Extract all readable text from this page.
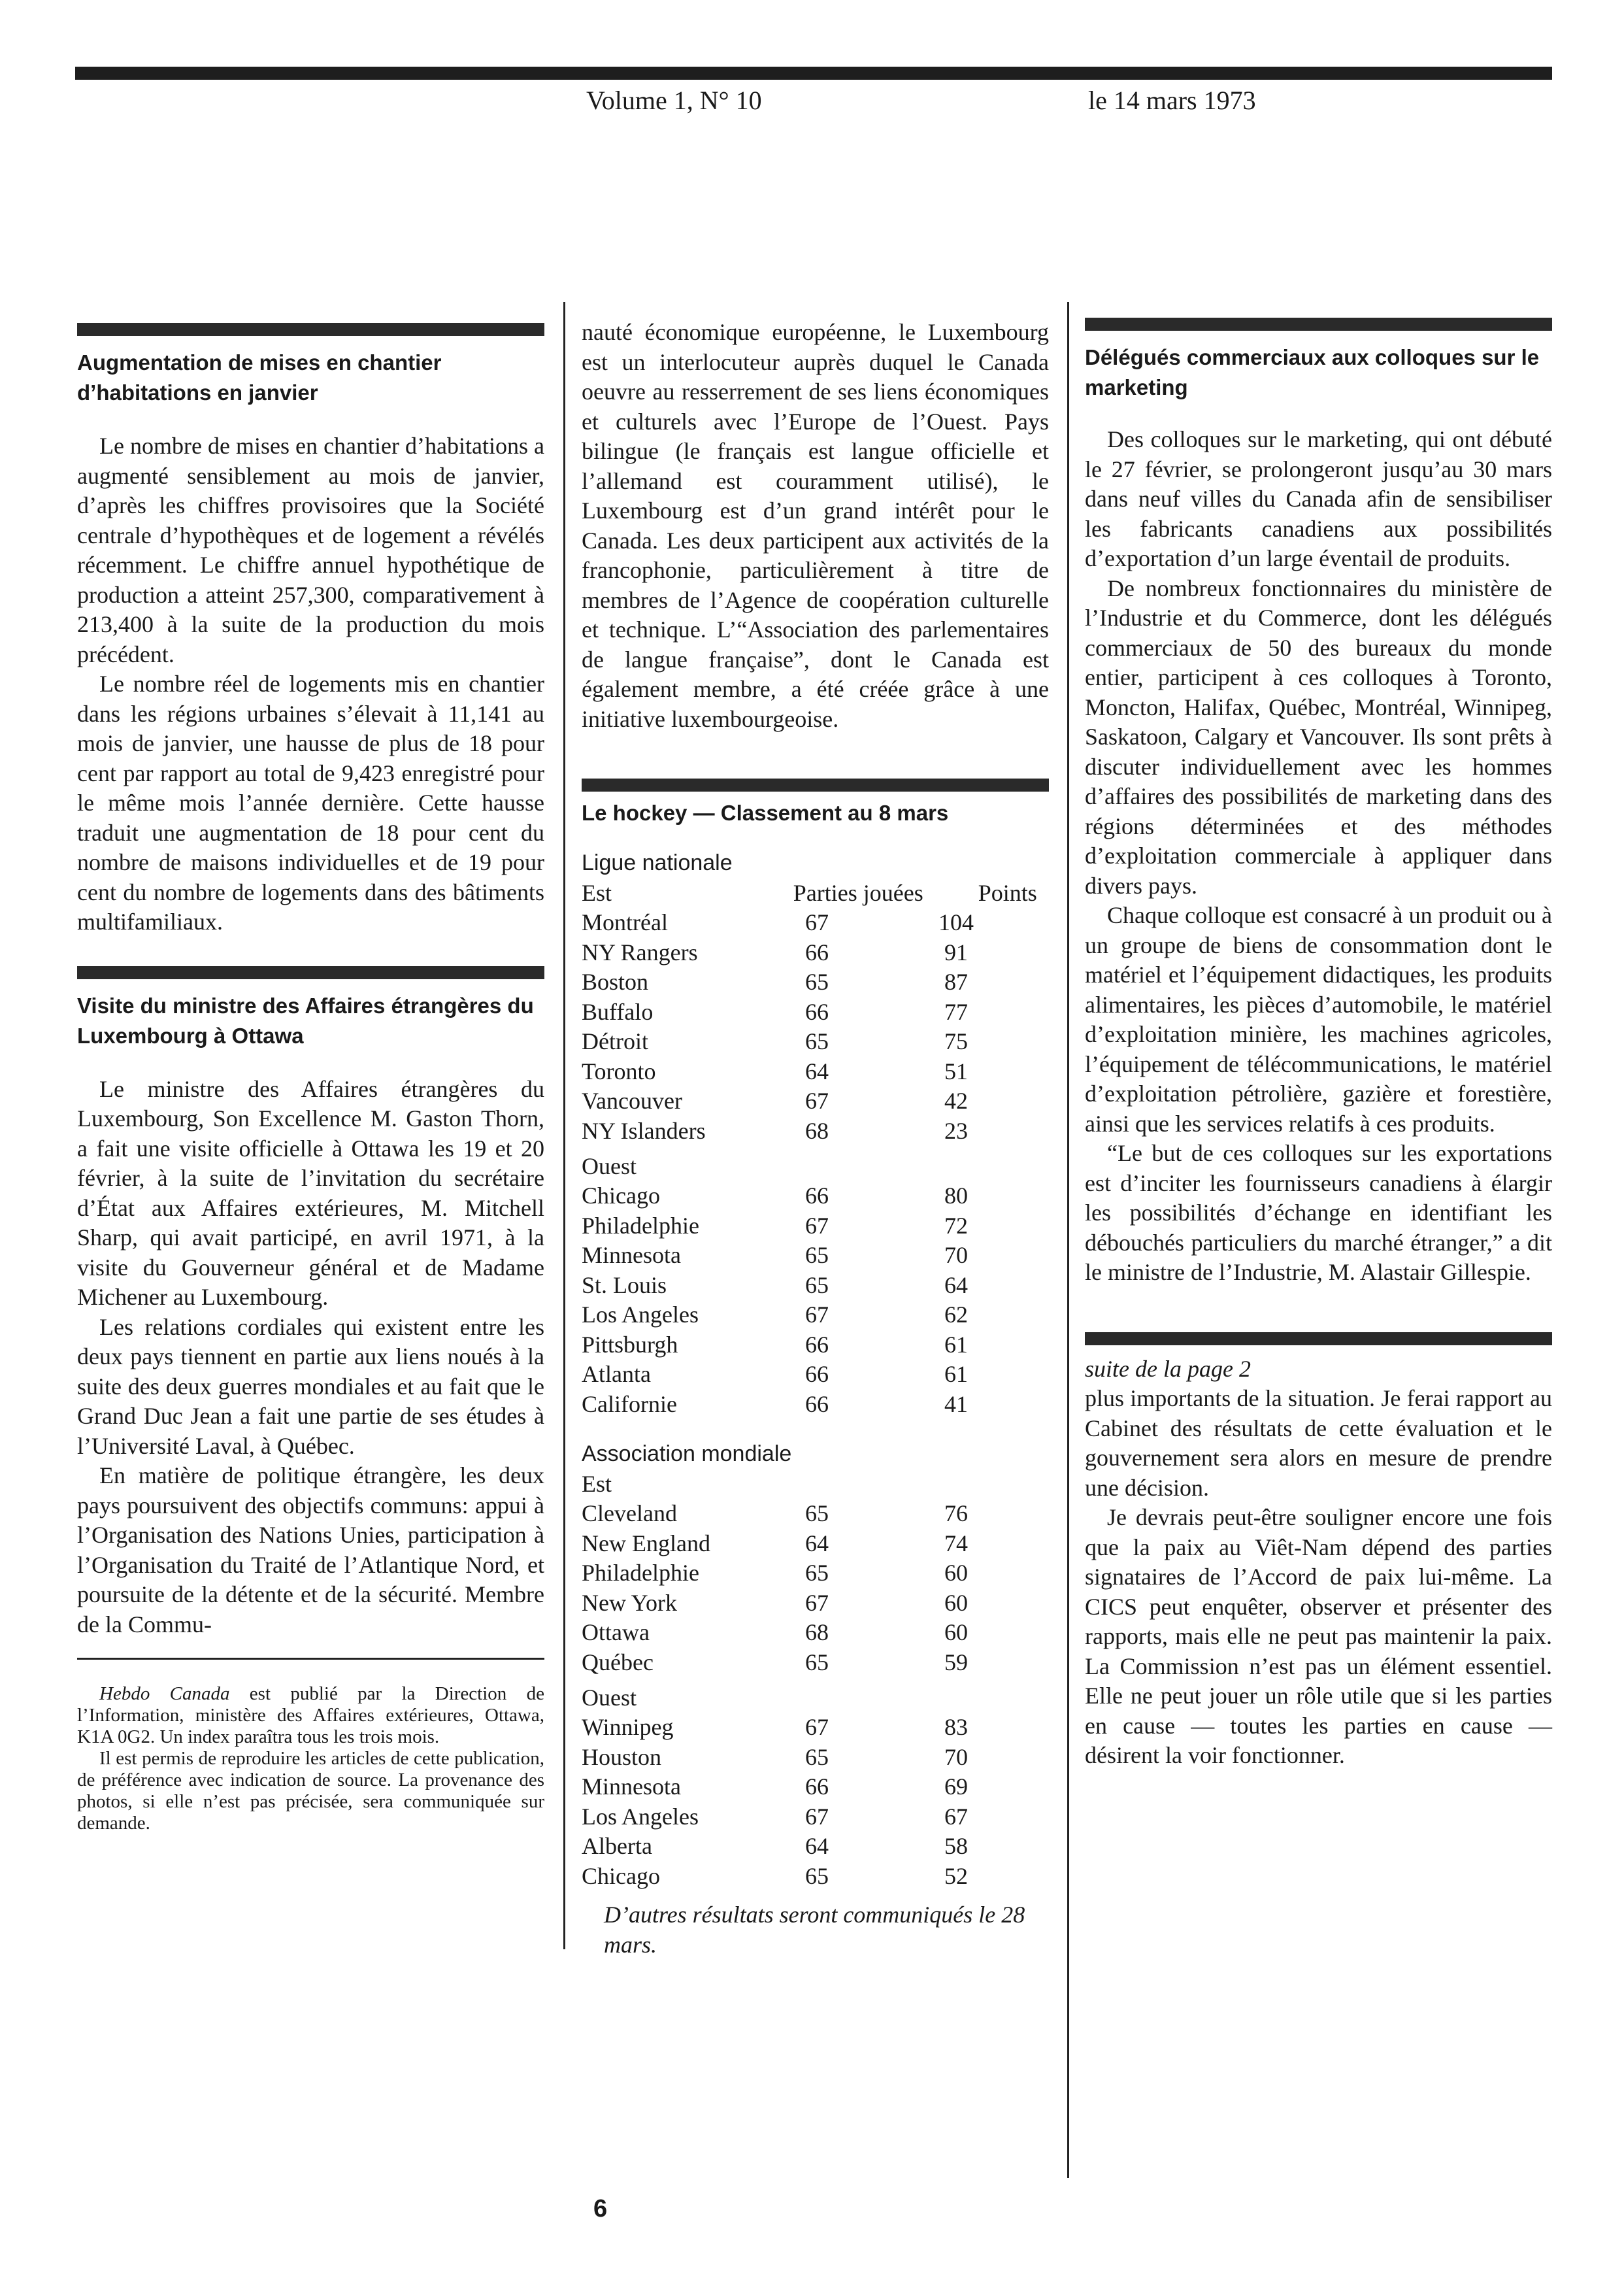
Volume 1, N° 10	le 14 mars 1973
Augmentation de mises en chantier d’habitations en janvier

Le nombre de mises en chantier d’habitations a augmenté sensiblement au mois de janvier, d’après les chiffres provisoires que la Société centrale d’hypothèques et de logement a révélés récemment. Le chiffre annuel hypothétique de production a atteint 257,300, comparativement à 213,400 à la suite de la production du mois précédent.

Le nombre réel de logements mis en chantier dans les régions urbaines s’élevait à 11,141 au mois de janvier, une hausse de plus de 18 pour cent par rapport au total de 9,423 enregistré pour le même mois l’année dernière. Cette hausse traduit une augmentation de 18 pour cent du nombre de maisons individuelles et de 19 pour cent du nombre de logements dans des bâtiments multifamiliaux.

Visite du ministre des Affaires étrangères du Luxembourg à Ottawa

Le ministre des Affaires étrangères du Luxembourg, Son Excellence M. Gaston Thorn, a fait une visite officielle à Ottawa les 19 et 20 février, à la suite de l’invitation du secrétaire d’État aux Affaires extérieures, M. Mitchell Sharp, qui avait participé, en avril 1971, à la visite du Gouverneur général et de Madame Michener au Luxembourg.

Les relations cordiales qui existent entre les deux pays tiennent en partie aux liens noués à la suite des deux guerres mondiales et au fait que le Grand Duc Jean a fait une partie de ses études à l’Université Laval, à Québec.

En matière de politique étrangère, les deux pays poursuivent des objectifs communs: appui à l’Organisation des Nations Unies, participation à l’Organisation du Traité de l’Atlantique Nord, et poursuite de la détente et de la sécurité. Membre de la Commu-

Hebdo Canada est publié par la Direction de l’Information, ministère des Affaires extérieures, Ottawa, K1A 0G2. Un index paraîtra tous les trois mois.

Il est permis de reproduire les articles de cette publication, de préférence avec indication de source. La provenance des photos, si elle n’est pas précisée, sera communiquée sur demande.

nauté économique européenne, le Luxembourg est un interlocuteur auprès duquel le Canada oeuvre au resserrement de ses liens économiques et culturels avec l’Europe de l’Ouest. Pays bilingue (le français est langue officielle et l’allemand est couramment utilisé), le Luxembourg est d’un grand intérêt pour le Canada. Les deux participent aux activités de la francophonie, particulièrement à titre de membres de l’Agence de coopération culturelle et technique. L’“Association des parlementaires de langue française”, dont le Canada est également membre, a été créée grâce à une initiative luxembourgeoise.

Le hockey — Classement au 8 mars
Ligue nationale
Est	Parties jouées	Points
Montréal	67	104
NY Rangers	66	91
Boston	65	87
Buffalo	66	77
Détroit	65	75
Toronto	64	51
Vancouver	67	42
NY Islanders	68	23
Ouest
Chicago	66	80
Philadelphie	67	72
Minnesota	65	70
St. Louis	65	64
Los Angeles	67	62
Pittsburgh	66	61
Atlanta	66	61
Californie	66	41
Association mondiale
Est
Cleveland	65	76
New England	64	74
Philadelphie	65	60
New York	67	60
Ottawa	68	60
Québec	65	59
Ouest
Winnipeg	67	83
Houston	65	70
Minnesota	66	69
Los Angeles	67	67
Alberta	64	58
Chicago	65	52
D’autres résultats seront communiqués le 28 mars.
Délégués commerciaux aux colloques sur le marketing

Des colloques sur le marketing, qui ont débuté le 27 février, se prolongeront jusqu’au 30 mars dans neuf villes du Canada afin de sensibiliser les fabricants canadiens aux possibilités d’exportation d’un large éventail de produits.

De nombreux fonctionnaires du ministère de l’Industrie et du Commerce, dont les délégués commerciaux de 50 des bureaux du monde entier, participent à ces colloques à Toronto, Moncton, Halifax, Québec, Montréal, Winnipeg, Saskatoon, Calgary et Vancouver. Ils sont prêts à discuter individuellement avec les hommes d’affaires des possibilités de marketing dans des régions déterminées et des méthodes d’exploitation commerciale à appliquer dans divers pays.

Chaque colloque est consacré à un produit ou à un groupe de biens de consommation dont le matériel et l’équipement didactiques, les produits alimentaires, les pièces d’automobile, le matériel d’exploitation minière, les machines agricoles, l’équipement de télécommunications, le matériel d’exploitation pétrolière, gazière et forestière, ainsi que les services relatifs à ces produits.

“Le but de ces colloques sur les exportations est d’inciter les fournisseurs canadiens à élargir les possibilités d’échange en identifiant les débouchés particuliers du marché étranger,” a dit le ministre de l’Industrie, M. Alastair Gillespie.

suite de la page 2

plus importants de la situation. Je ferai rapport au Cabinet des résultats de cette évaluation et le gouvernement sera alors en mesure de prendre une décision.

Je devrais peut-être souligner encore une fois que la paix au Viêt-Nam dépend des parties signataires de l’Accord de paix lui-même. La CICS peut enquêter, observer et présenter des rapports, mais elle ne peut pas maintenir la paix. La Commission n’est pas un élément essentiel. Elle ne peut jouer un rôle utile que si les parties en cause — toutes les parties en cause — désirent la voir fonctionner.

6
